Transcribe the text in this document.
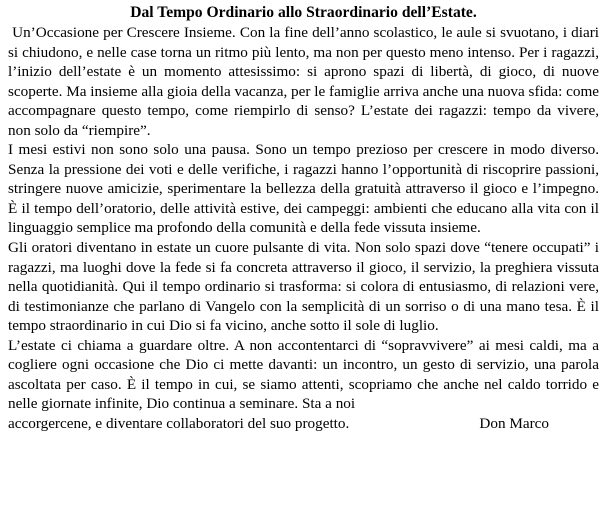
Dal Tempo Ordinario allo Straordinario dell’Estate.

Un’Occasione per Crescere Insieme. Con la fine dell’anno scolastico, le aule si svuotano, i diari si chiudono, e nelle case torna un ritmo più lento, ma non per questo meno intenso. Per i ragazzi, l’inizio dell’estate è un momento attesissimo: si aprono spazi di libertà, di gioco, di nuove scoperte. Ma insieme alla gioia della vacanza, per le famiglie arriva anche una nuova sfida: come accompagnare questo tempo, come riempirlo di senso? L’estate dei ragazzi: tempo da vivere, non solo da “riempire”.

I mesi estivi non sono solo una pausa. Sono un tempo prezioso per crescere in modo diverso. Senza la pressione dei voti e delle verifiche, i ragazzi hanno l’opportunità di riscoprire passioni, stringere nuove amicizie, sperimentare la bellezza della gratuità attraverso il gioco e l’impegno. È il tempo dell’oratorio, delle attività estive, dei campeggi: ambienti che educano alla vita con il linguaggio semplice ma profondo della comunità e della fede vissuta insieme.

Gli oratori diventano in estate un cuore pulsante di vita. Non solo spazi dove “tenere occupati” i ragazzi, ma luoghi dove la fede si fa concreta attraverso il gioco, il servizio, la preghiera vissuta nella quotidianità. Qui il tempo ordinario si trasforma: si colora di entusiasmo, di relazioni vere, di testimonianze che parlano di Vangelo con la semplicità di un sorriso o di una mano tesa. È il tempo straordinario in cui Dio si fa vicino, anche sotto il sole di luglio.

L’estate ci chiama a guardare oltre. A non accontentarci di “sopravvivere” ai mesi caldi, ma a cogliere ogni occasione che Dio ci mette davanti: un incontro, un gesto di servizio, una parola ascoltata per caso. È il tempo in cui, se siamo attenti, scopriamo che anche nel caldo torrido e nelle giornate infinite, Dio continua a seminare. Sta a noi

accorgercene, e diventare collaboratori del suo progetto.	Don Marco
